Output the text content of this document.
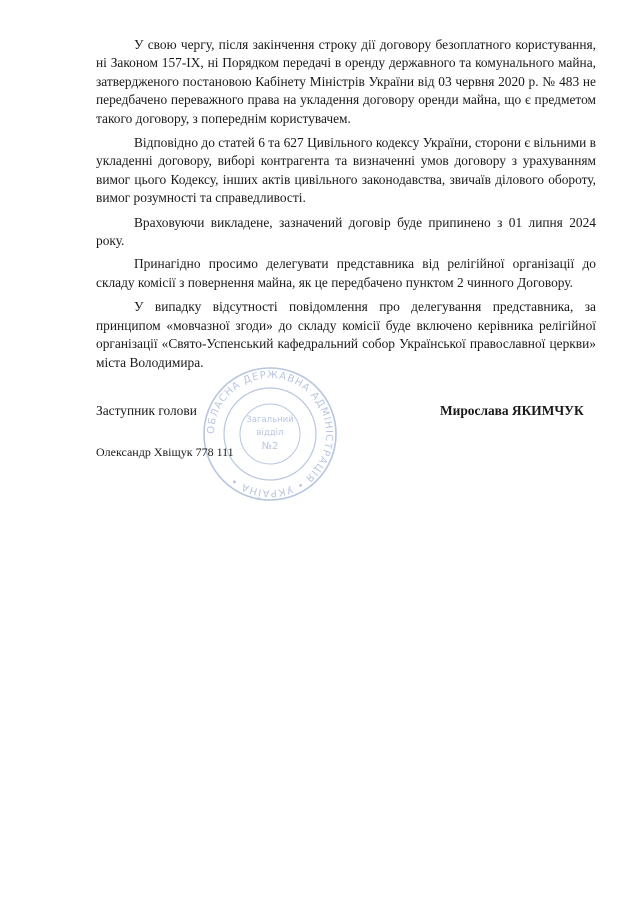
У свою чергу, після закінчення строку дії договору безоплатного користування, ні Законом 157-IX, ні Порядком передачі в оренду державного та комунального майна, затвердженого постановою Кабінету Міністрів України від 03 червня 2020 р. № 483 не передбачено переважного права на укладення договору оренди майна, що є предметом такого договору, з попереднім користувачем.

Відповідно до статей 6 та 627 Цивільного кодексу України, сторони є вільними в укладенні договору, виборі контрагента та визначенні умов договору з урахуванням вимог цього Кодексу, інших актів цивільного законодавства, звичаїв ділового обороту, вимог розумності та справедливості.

Враховуючи викладене, зазначений договір буде припинено з 01 липня 2024 року.

Принагідно просимо делегувати представника від релігійної організації до складу комісії з повернення майна, як це передбачено пунктом 2 чинного Договору.

У випадку відсутності повідомлення про делегування представника, за принципом «мовчазної згоди» до складу комісії буде включено керівника релігійної організації «Свято-Успенський кафедральний собор Української православної церкви» міста Володимира.

ОБЛАСНА ДЕРЖАВНА АДМІНІСТРАЦІЯ • УКРАЇНА •
Загальний
відділ
№2
Заступник голови	Мирослава ЯКИМЧУК
Олександр Хвіщук 778 111
